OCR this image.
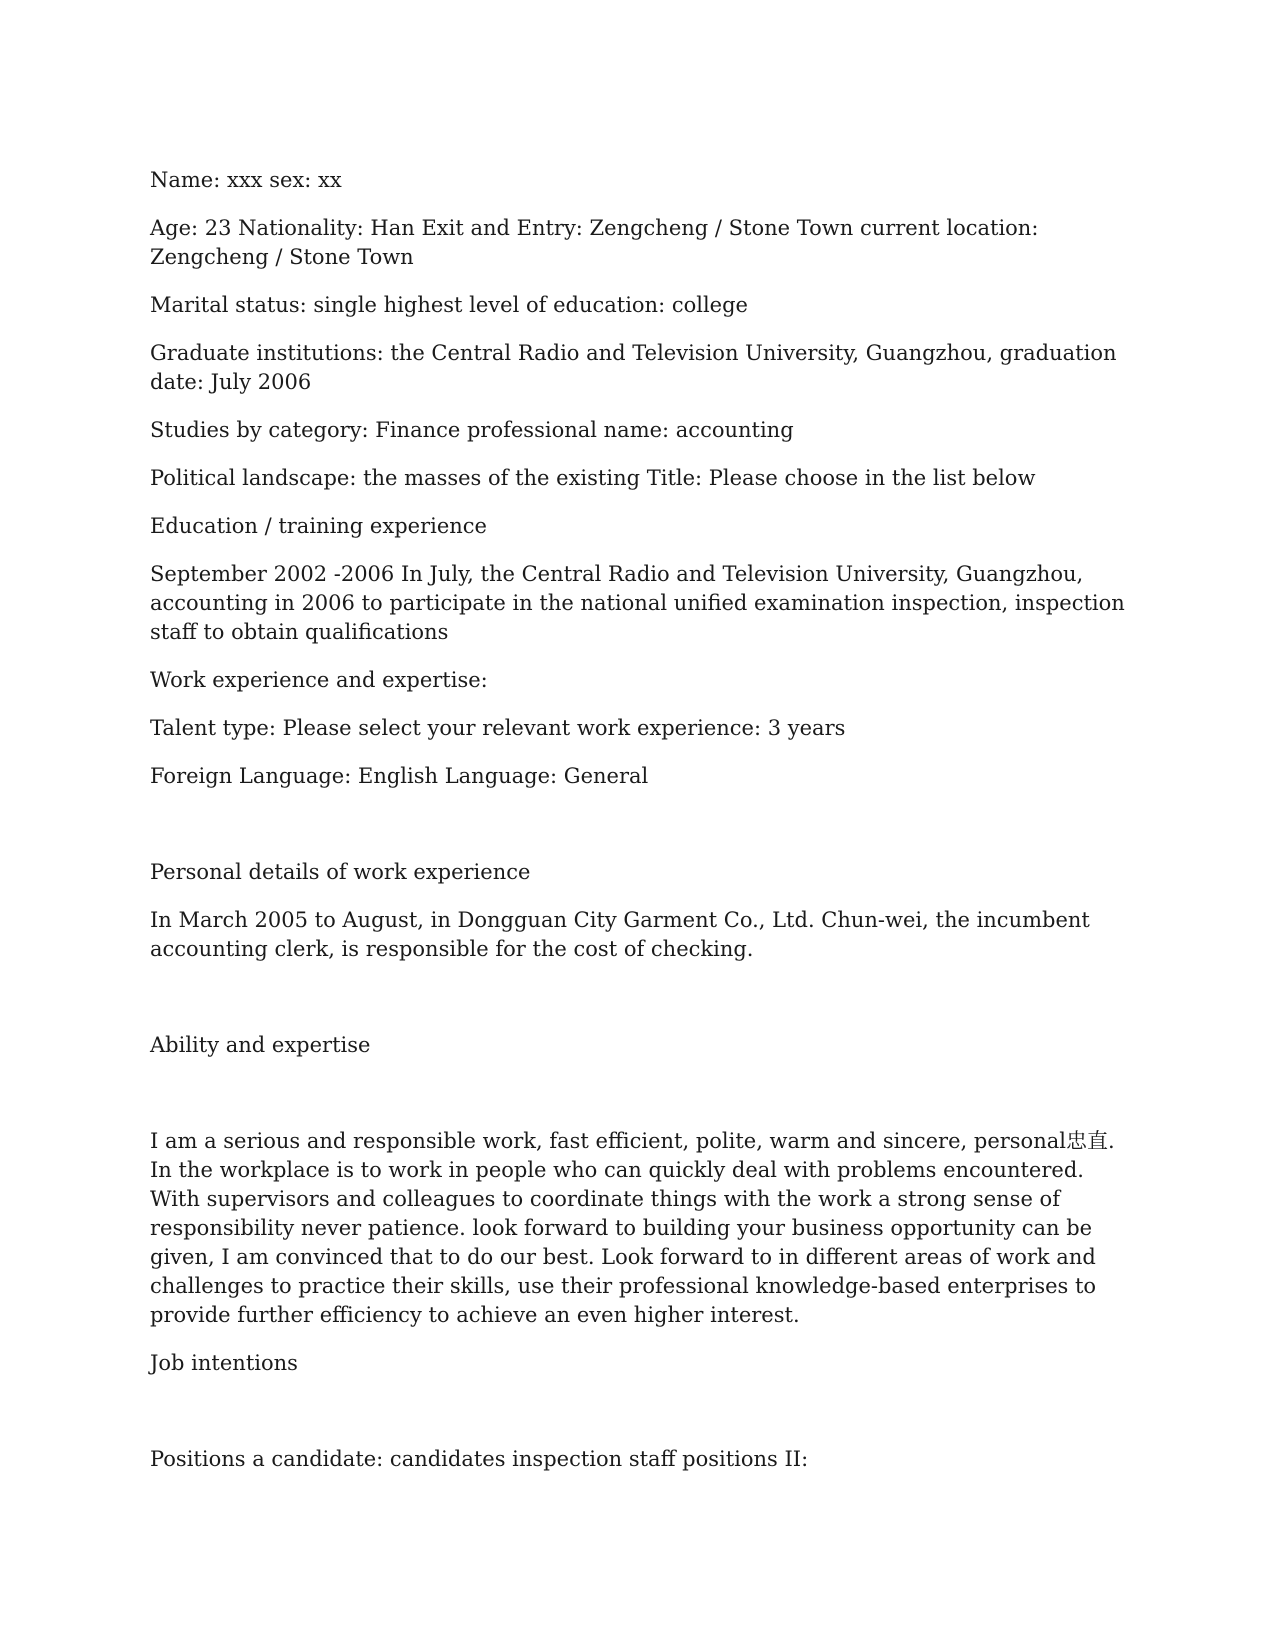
Name: xxx sex: xx

Age: 23 Nationality: Han Exit and Entry: Zengcheng / Stone Town current location: Zengcheng / Stone Town

Marital status: single highest level of education: college

Graduate institutions: the Central Radio and Television University, Guangzhou, graduation date: July 2006

Studies by category: Finance professional name: accounting

Political landscape: the masses of the existing Title: Please choose in the list below

Education / training experience

September 2002 -2006 In July, the Central Radio and Television University, Guangzhou, accounting in 2006 to participate in the national unified examination inspection, inspection staff to obtain qualifications

Work experience and expertise:

Talent type: Please select your relevant work experience: 3 years

Foreign Language: English Language: General

Personal details of work experience

In March 2005 to August, in Dongguan City Garment Co., Ltd. Chun-wei, the incumbent accounting clerk, is responsible for the cost of checking.

Ability and expertise

I am a serious and responsible work, fast efficient, polite, warm and sincere, personal忠直. In the workplace is to work in people who can quickly deal with problems encountered. With supervisors and colleagues to coordinate things with the work a strong sense of responsibility never patience. look forward to building your business opportunity can be given, I am convinced that to do our best. Look forward to in different areas of work and challenges to practice their skills, use their professional knowledge-based enterprises to provide further efficiency to achieve an even higher interest.

Job intentions

Positions a candidate: candidates inspection staff positions II:
